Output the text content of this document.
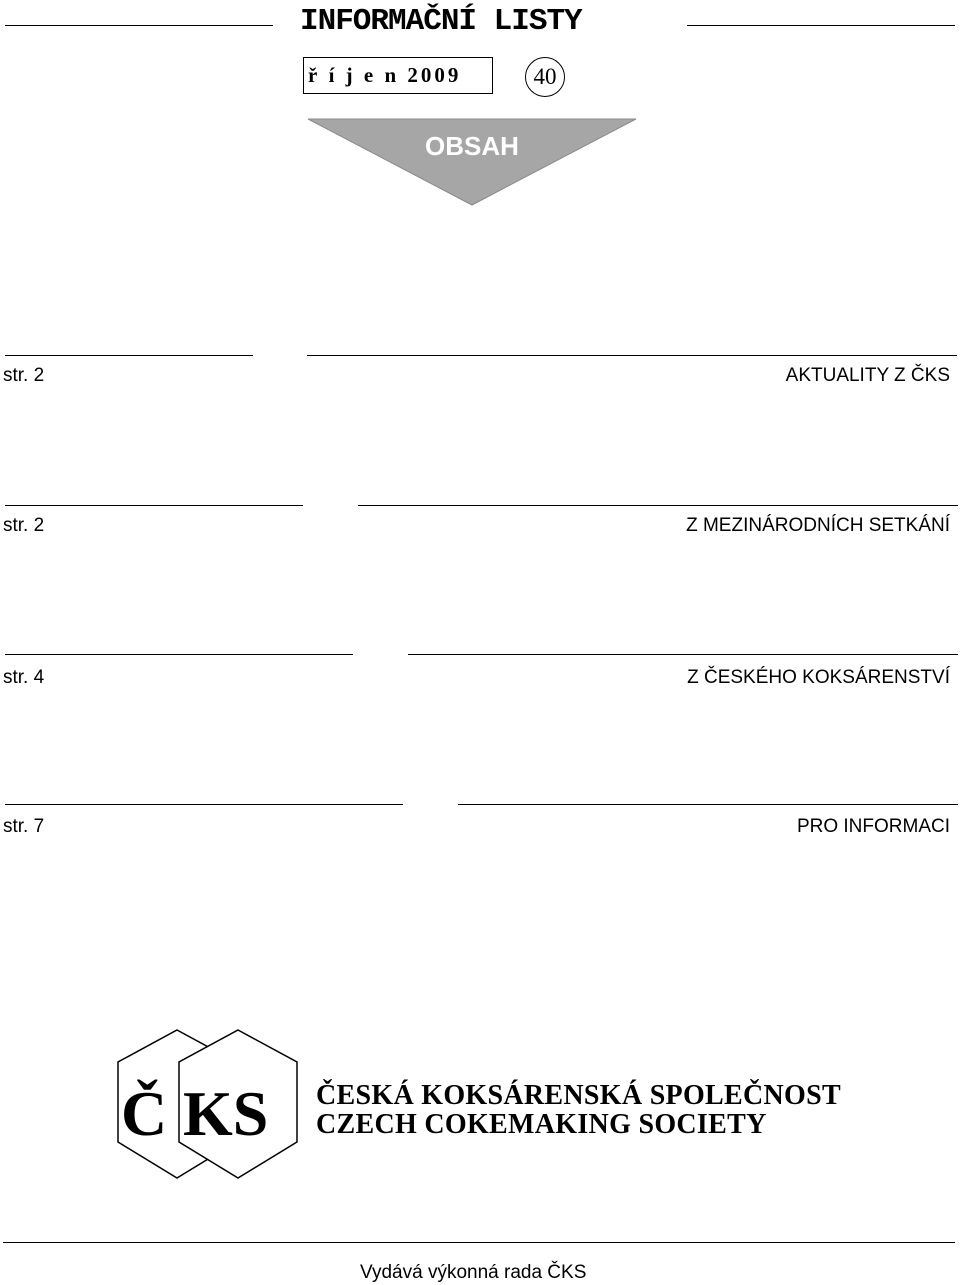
INFORMAČNÍ LISTY
ř í j e n 2009	40
OBSAH
str. 2	AKTUALITY Z ČKS
str. 2	Z MEZINÁRODNÍCH SETKÁNÍ
str. 4	Z ČESKÉHO KOKSÁRENSTVÍ
str. 7	PRO INFORMACI
Č KS ČESKÁ KOKSÁRENSKÁ SPOLEČNOST
CZECH COKEMAKING SOCIETY
Vydává výkonná rada ČKS
